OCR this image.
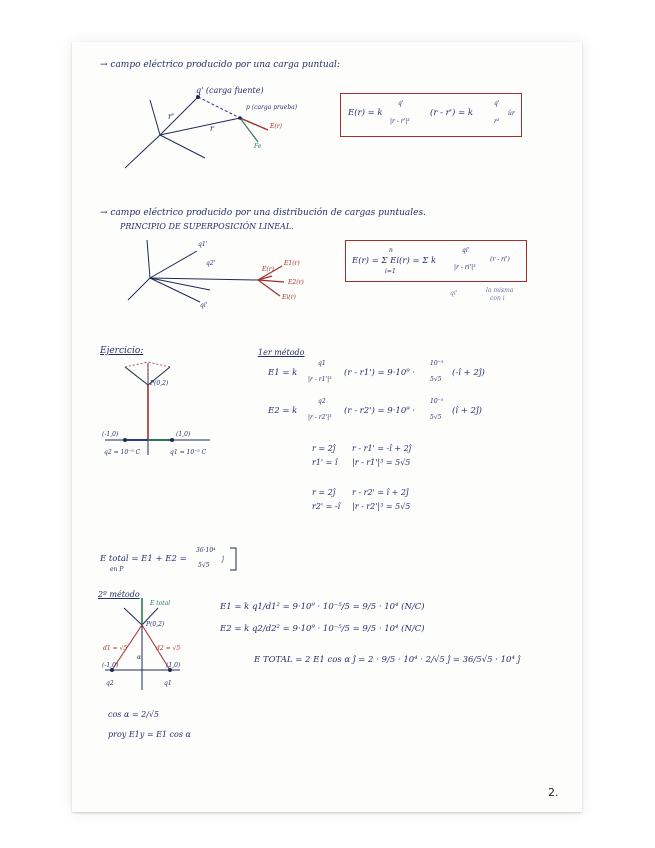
→ campo eléctrico producido por una carga puntual:
q' (carga fuente)
p (carga prueba)
r'
r	E(r)
Fe
E(r) = k
q'
|r - r'|³
(r - r') = k
q'
r²
ûr
→ campo eléctrico producido por una distribución de cargas puntuales.
PRINCIPIO DE SUPERPOSICIÓN LINEAL.
q1'
q2'
qi'
E1(r)
E2(r)
Ei(r)
E(r)
E(r) = Σ Ei(r) = Σ k
n
i=1
qi'
|r - ri'|³
(r - ri')
qi'	la misma
con i
Ejercicio:	1er método
P(0,2)
(-1,0)	(1,0)
q2 = 10⁻⁵ C	q1 = 10⁻⁵ C
E1 = k
q1
|r - r1'|³
(r - r1') = 9·10⁹ ·
10⁻⁵
5√5
(-î + 2ĵ)
E2 = k
q2
|r - r2'|³
(r - r2') = 9·10⁹ ·
10⁻⁵
5√5
(î + 2ĵ)
r = 2ĵ
r1' = î
r - r1' = -î + 2ĵ
|r - r1'|³ = 5√5
r = 2ĵ
r2' = -î
r - r2' = î + 2ĵ
|r - r2'|³ = 5√5
E total = E1 + E2 =
en P
36·10⁴
5√5
ĵ
2º método
E total
P(0,2)
d1 = √5	d2 = √5
α
(-1,0)	(1,0)
q2	q1
E1 = k q1/d1² = 9·10⁹ · 10⁻⁵/5 = 9/5 · 10⁴ (N/C)
E2 = k q2/d2² = 9·10⁹ · 10⁻⁵/5 = 9/5 · 10⁴ (N/C)
E TOTAL = 2 E1 cos α ĵ = 2 · 9/5 · 10⁴ · 2/√5 ĵ = 36/5√5 · 10⁴ ĵ
cos α = 2/√5
proy E1y = E1 cos α
2.
